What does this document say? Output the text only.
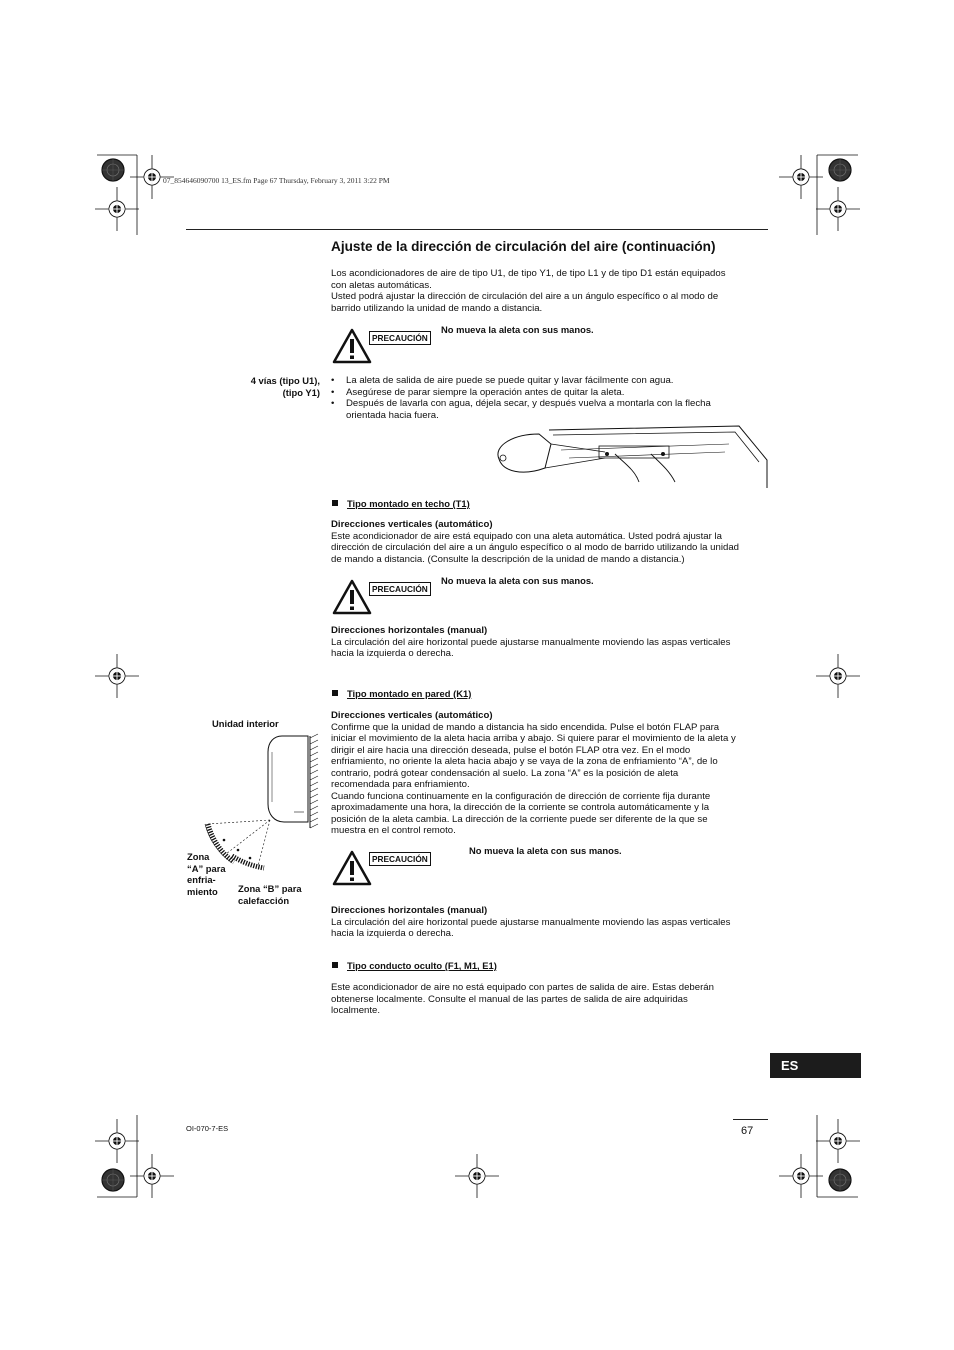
07_854646090700 13_ES.fm Page 67 Thursday, February 3, 2011 3:22 PM
Ajuste de la dirección de circulación del aire (continuación)
Los acondicionadores de aire de tipo U1, de tipo Y1, de tipo L1 y de tipo D1 están equipados
con aletas automáticas.
Usted podrá ajustar la dirección de circulación del aire a un ángulo específico o al modo de
barrido utilizando la unidad de mando a distancia.
PRECAUCIÓN
No mueva la aleta con sus manos.
4 vías (tipo U1),
(tipo Y1)
• La aleta de salida de aire puede se puede quitar y lavar fácilmente con agua.
• Asegúrese de parar siempre la operación antes de quitar la aleta.
• Después de lavarla con agua, déjela secar, y después vuelva a montarla con la flecha
orientada hacia fuera.
Tipo montado en techo (T1)
Direcciones verticales (automático)
Este acondicionador de aire está equipado con una aleta automática. Usted podrá ajustar la
dirección de circulación del aire a un ángulo específico o al modo de barrido utilizando la unidad
de mando a distancia. (Consulte la descripción de la unidad de mando a distancia.)
PRECAUCIÓN
No mueva la aleta con sus manos.
Direcciones horizontales (manual)
La circulación del aire horizontal puede ajustarse manualmente moviendo las aspas verticales
hacia la izquierda o derecha.
Tipo montado en pared (K1)
Unidad interior
Zona
“A” para
enfria-
miento	Zona “B” para
calefacción
Direcciones verticales (automático)
Confirme que la unidad de mando a distancia ha sido encendida. Pulse el botón FLAP para
iniciar el movimiento de la aleta hacia arriba y abajo. Si quiere parar el movimiento de la aleta y
dirigir el aire hacia una dirección deseada, pulse el botón FLAP otra vez. En el modo
enfriamiento, no oriente la aleta hacia abajo y se vaya de la zona de enfriamiento “A”, de lo
contrario, podrá gotear condensación al suelo. La zona “A” es la posición de aleta
recomendada para enfriamiento.
Cuando funciona continuamente en la configuración de dirección de corriente fija durante
aproximadamente una hora, la dirección de la corriente se controla automáticamente y la
posición de la aleta cambia. La dirección de la corriente puede ser diferente de la que se
muestra en el control remoto.
PRECAUCIÓN
No mueva la aleta con sus manos.
Direcciones horizontales (manual)
La circulación del aire horizontal puede ajustarse manualmente moviendo las aspas verticales
hacia la izquierda o derecha.
Tipo conducto oculto (F1, M1, E1)
Este acondicionador de aire no está equipado con partes de salida de aire. Estas deberán
obtenerse localmente. Consulte el manual de las partes de salida de aire adquiridas
localmente.
ES
OI-070-7-ES	67
